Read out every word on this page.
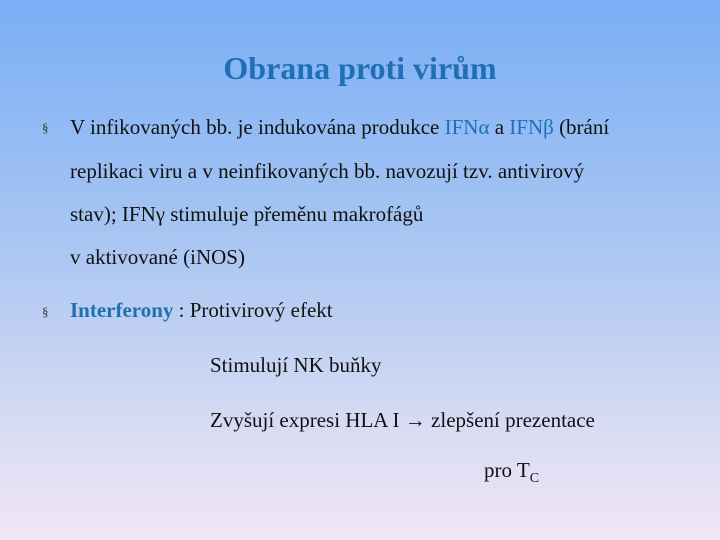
Obrana proti virům
§ V infikovaných bb. je indukována produkce IFNα a IFNβ (brání
replikaci viru a v neinfikovaných bb. navozují tzv. antivirový
stav); IFNγ stimuluje přeměnu makrofágů
v aktivované (iNOS)
§ Interferony : Protivirový efekt
Stimulují NK buňky
Zvyšují expresi HLA I → zlepšení prezentace
pro $T_C$
